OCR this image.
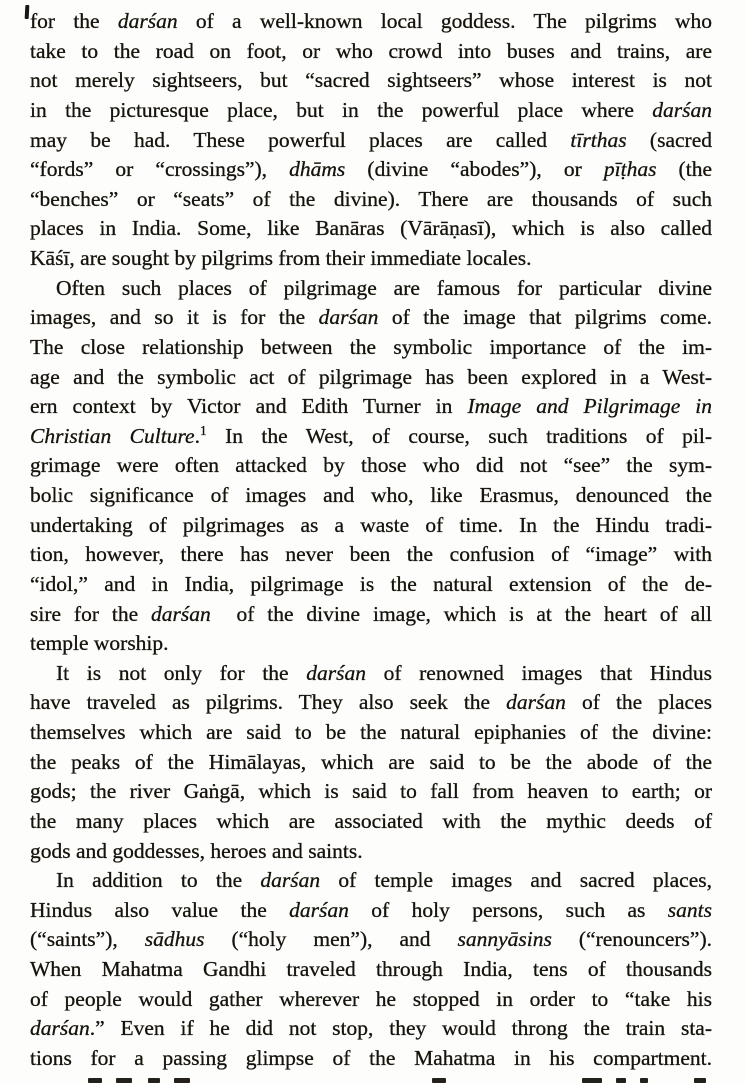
for the darśan of a well-known local goddess. The pilgrims who
take to the road on foot, or who crowd into buses and trains, are
not merely sightseers, but “sacred sightseers” whose interest is not
in the picturesque place, but in the powerful place where darśan
may be had. These powerful places are called tīrthas (sacred
“fords” or “crossings”), dhāms (divine “abodes”), or pīṭhas (the
“benches” or “seats” of the divine). There are thousands of such
places in India. Some, like Banāras (Vārāṇasī), which is also called
Kāśī, are sought by pilgrims from their immediate locales.
Often such places of pilgrimage are famous for particular divine
images, and so it is for the darśan of the image that pilgrims come.
The close relationship between the symbolic importance of the im-
age and the symbolic act of pilgrimage has been explored in a West-
ern context by Victor and Edith Turner in Image and Pilgrimage in
Christian Culture.$^1$ In the West, of course, such traditions of pil-
grimage were often attacked by those who did not “see” the sym-
bolic significance of images and who, like Erasmus, denounced the
undertaking of pilgrimages as a waste of time. In the Hindu tradi-
tion, however, there has never been the confusion of “image” with
“idol,” and in India, pilgrimage is the natural extension of the de-
sire for the darśan  of the divine image, which is at the heart of all
temple worship.
It is not only for the darśan of renowned images that Hindus
have traveled as pilgrims. They also seek the darśan of the places
themselves which are said to be the natural epiphanies of the divine:
the peaks of the Himālayas, which are said to be the abode of the
gods; the river Gaṅgā, which is said to fall from heaven to earth; or
the many places which are associated with the mythic deeds of
gods and goddesses, heroes and saints.
In addition to the darśan of temple images and sacred places,
Hindus also value the darśan of holy persons, such as sants
(“saints”), sādhus (“holy men”), and sannyāsins (“renouncers”).
When Mahatma Gandhi traveled through India, tens of thousands
of people would gather wherever he stopped in order to “take his
darśan.” Even if he did not stop, they would throng the train sta-
tions for a passing glimpse of the Mahatma in his compartment.
